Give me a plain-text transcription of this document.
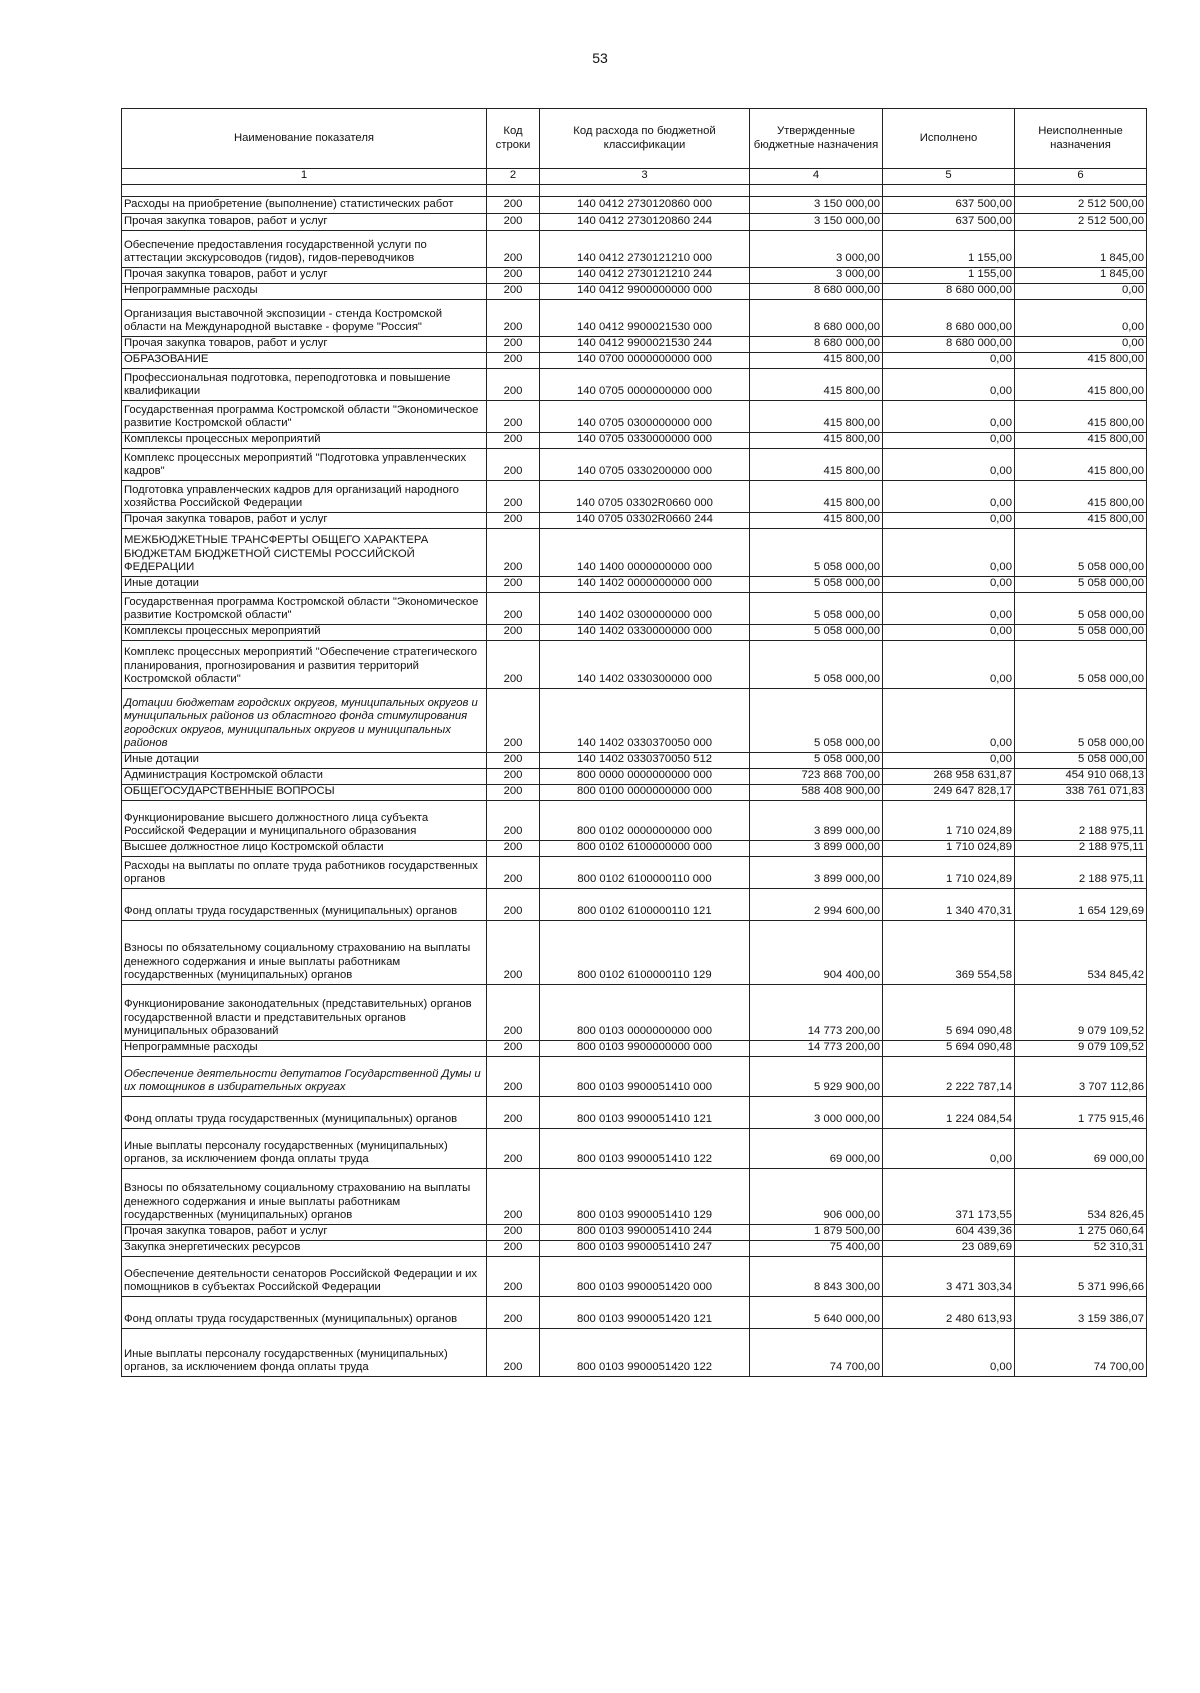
53
Наименование показателя	Код строки	Код расхода по бюджетной классификации	Утвержденные бюджетные назначения	Исполнено	Неисполненные назначения
1	2	3	4	5	6

Расходы на приобретение (выполнение) статистических работ	200	140 0412 2730120860 000	3 150 000,00	637 500,00	2 512 500,00
Прочая закупка товаров, работ и услуг	200	140 0412 2730120860 244	3 150 000,00	637 500,00	2 512 500,00
Обеспечение предоставления государственной услуги по аттестации экскурсоводов (гидов), гидов-переводчиков	200	140 0412 2730121210 000	3 000,00	1 155,00	1 845,00
Прочая закупка товаров, работ и услуг	200	140 0412 2730121210 244	3 000,00	1 155,00	1 845,00
Непрограммные расходы	200	140 0412 9900000000 000	8 680 000,00	8 680 000,00	0,00
Организация выставочной экспозиции - стенда Костромской области на Международной выставке - форуме "Россия"	200	140 0412 9900021530 000	8 680 000,00	8 680 000,00	0,00
Прочая закупка товаров, работ и услуг	200	140 0412 9900021530 244	8 680 000,00	8 680 000,00	0,00
ОБРАЗОВАНИЕ	200	140 0700 0000000000 000	415 800,00	0,00	415 800,00
Профессиональная подготовка, переподготовка и повышение квалификации	200	140 0705 0000000000 000	415 800,00	0,00	415 800,00
Государственная программа Костромской области "Экономическое развитие Костромской области"	200	140 0705 0300000000 000	415 800,00	0,00	415 800,00
Комплексы процессных мероприятий	200	140 0705 0330000000 000	415 800,00	0,00	415 800,00
Комплекс процессных мероприятий "Подготовка управленческих кадров"	200	140 0705 0330200000 000	415 800,00	0,00	415 800,00
Подготовка управленческих кадров для организаций народного хозяйства Российской Федерации	200	140 0705 03302R0660 000	415 800,00	0,00	415 800,00
Прочая закупка товаров, работ и услуг	200	140 0705 03302R0660 244	415 800,00	0,00	415 800,00
МЕЖБЮДЖЕТНЫЕ ТРАНСФЕРТЫ ОБЩЕГО ХАРАКТЕРА БЮДЖЕТАМ БЮДЖЕТНОЙ СИСТЕМЫ РОССИЙСКОЙ ФЕДЕРАЦИИ	200	140 1400 0000000000 000	5 058 000,00	0,00	5 058 000,00
Иные дотации	200	140 1402 0000000000 000	5 058 000,00	0,00	5 058 000,00
Государственная программа Костромской области "Экономическое развитие Костромской области"	200	140 1402 0300000000 000	5 058 000,00	0,00	5 058 000,00
Комплексы процессных мероприятий	200	140 1402 0330000000 000	5 058 000,00	0,00	5 058 000,00
Комплекс процессных мероприятий "Обеспечение стратегического планирования, прогнозирования и развития территорий Костромской области"	200	140 1402 0330300000 000	5 058 000,00	0,00	5 058 000,00
Дотации бюджетам городских округов, муниципальных округов и муниципальных районов из областного фонда стимулирования городских округов, муниципальных округов и муниципальных районов	200	140 1402 0330370050 000	5 058 000,00	0,00	5 058 000,00
Иные дотации	200	140 1402 0330370050 512	5 058 000,00	0,00	5 058 000,00
Администрация Костромской области	200	800 0000 0000000000 000	723 868 700,00	268 958 631,87	454 910 068,13
ОБЩЕГОСУДАРСТВЕННЫЕ ВОПРОСЫ	200	800 0100 0000000000 000	588 408 900,00	249 647 828,17	338 761 071,83
Функционирование высшего должностного лица субъекта Российской Федерации и муниципального образования	200	800 0102 0000000000 000	3 899 000,00	1 710 024,89	2 188 975,11
Высшее должностное лицо Костромской области	200	800 0102 6100000000 000	3 899 000,00	1 710 024,89	2 188 975,11
Расходы на выплаты по оплате труда работников государственных органов	200	800 0102 6100000110 000	3 899 000,00	1 710 024,89	2 188 975,11
Фонд оплаты труда государственных (муниципальных) органов	200	800 0102 6100000110 121	2 994 600,00	1 340 470,31	1 654 129,69
Взносы по обязательному социальному страхованию на выплаты денежного содержания и иные выплаты работникам государственных (муниципальных) органов	200	800 0102 6100000110 129	904 400,00	369 554,58	534 845,42
Функционирование законодательных (представительных) органов государственной власти и представительных органов муниципальных образований	200	800 0103 0000000000 000	14 773 200,00	5 694 090,48	9 079 109,52
Непрограммные расходы	200	800 0103 9900000000 000	14 773 200,00	5 694 090,48	9 079 109,52
Обеспечение деятельности депутатов Государственной Думы и их помощников в избирательных округах	200	800 0103 9900051410 000	5 929 900,00	2 222 787,14	3 707 112,86
Фонд оплаты труда государственных (муниципальных) органов	200	800 0103 9900051410 121	3 000 000,00	1 224 084,54	1 775 915,46
Иные выплаты персоналу государственных (муниципальных) органов, за исключением фонда оплаты труда	200	800 0103 9900051410 122	69 000,00	0,00	69 000,00
Взносы по обязательному социальному страхованию на выплаты денежного содержания и иные выплаты работникам государственных (муниципальных) органов	200	800 0103 9900051410 129	906 000,00	371 173,55	534 826,45
Прочая закупка товаров, работ и услуг	200	800 0103 9900051410 244	1 879 500,00	604 439,36	1 275 060,64
Закупка энергетических ресурсов	200	800 0103 9900051410 247	75 400,00	23 089,69	52 310,31
Обеспечение деятельности сенаторов Российской Федерации и их помощников в субъектах Российской Федерации	200	800 0103 9900051420 000	8 843 300,00	3 471 303,34	5 371 996,66
Фонд оплаты труда государственных (муниципальных) органов	200	800 0103 9900051420 121	5 640 000,00	2 480 613,93	3 159 386,07
Иные выплаты персоналу государственных (муниципальных) органов, за исключением фонда оплаты труда	200	800 0103 9900051420 122	74 700,00	0,00	74 700,00
